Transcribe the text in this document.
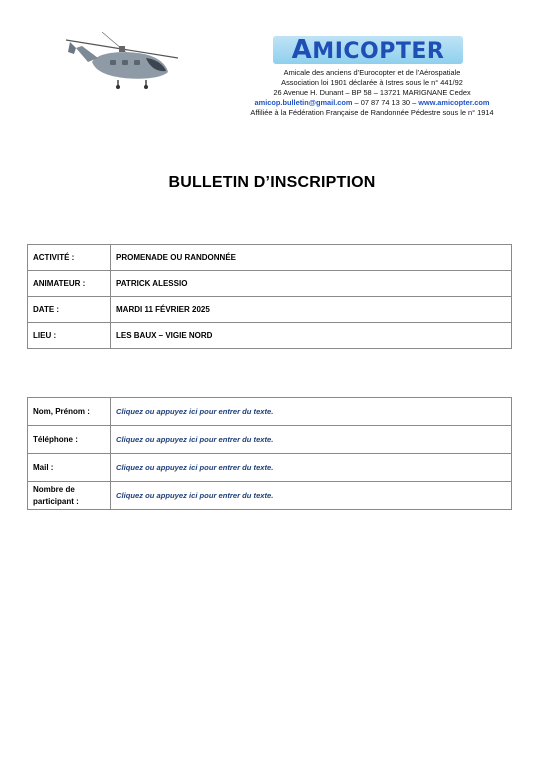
AMICOPTER
Amicale des anciens d’Eurocopter et de l’Aérospatiale
Association loi 1901 déclarée à Istres sous le n° 441/92
26 Avenue H. Dunant – BP 58 – 13721 MARIGNANE Cedex
amicop.bulletin@gmail.com – 07 87 74 13 30 – www.amicopter.com
Affiliée à la Fédération Française de Randonnée Pédestre sous le n° 1914
BULLETIN D’INSCRIPTION
ACTIVITÉ :	PROMENADE OU RANDONNÉE
ANIMATEUR :	PATRICK ALESSIO
DATE :	MARDI 11 FÉVRIER 2025
LIEU :	LES BAUX – VIGIE NORD
Nom, Prénom :	Cliquez ou appuyez ici pour entrer du texte.
Téléphone :	Cliquez ou appuyez ici pour entrer du texte.
Mail :	Cliquez ou appuyez ici pour entrer du texte.
Nombre de participant :	Cliquez ou appuyez ici pour entrer du texte.
